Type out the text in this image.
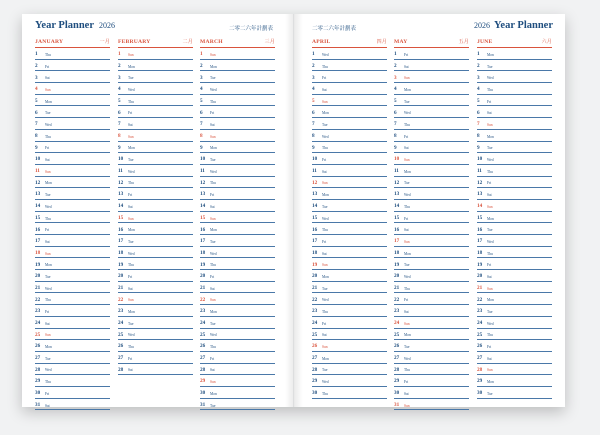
Year Planner 2026	二零二六年計劃表
JANUARY	一月
1 Thu
2 Fri
3 Sat
4 Sun
5 Mon
6 Tue
7 Wed
8 Thu
9 Fri
10 Sat
11 Sun
12 Mon
13 Tue
14 Wed
15 Thu
16 Fri
17 Sat
18 Sun
19 Mon
20 Tue
21 Wed
22 Thu
23 Fri
24 Sat
25 Sun
26 Mon
27 Tue
28 Wed
29 Thu
30 Fri
31 Sat
FEBRUARY	二月
1 Sun
2 Mon
3 Tue
4 Wed
5 Thu
6 Fri
7 Sat
8 Sun
9 Mon
10 Tue
11 Wed
12 Thu
13 Fri
14 Sat
15 Sun
16 Mon
17 Tue
18 Wed
19 Thu
20 Fri
21 Sat
22 Sun
23 Mon
24 Tue
25 Wed
26 Thu
27 Fri
28 Sat
MARCH	三月
1 Sun
2 Mon
3 Tue
4 Wed
5 Thu
6 Fri
7 Sat
8 Sun
9 Mon
10 Tue
11 Wed
12 Thu
13 Fri
14 Sat
15 Sun
16 Mon
17 Tue
18 Wed
19 Thu
20 Fri
21 Sat
22 Sun
23 Mon
24 Tue
25 Wed
26 Thu
27 Fri
28 Sat
29 Sun
30 Mon
31 Tue
二零二六年計劃表	2026 Year Planner
APRIL	四月
1 Wed
2 Thu
3 Fri
4 Sat
5 Sun
6 Mon
7 Tue
8 Wed
9 Thu
10 Fri
11 Sat
12 Sun
13 Mon
14 Tue
15 Wed
16 Thu
17 Fri
18 Sat
19 Sun
20 Mon
21 Tue
22 Wed
23 Thu
24 Fri
25 Sat
26 Sun
27 Mon
28 Tue
29 Wed
30 Thu
MAY	五月
1 Fri
2 Sat
3 Sun
4 Mon
5 Tue
6 Wed
7 Thu
8 Fri
9 Sat
10 Sun
11 Mon
12 Tue
13 Wed
14 Thu
15 Fri
16 Sat
17 Sun
18 Mon
19 Tue
20 Wed
21 Thu
22 Fri
23 Sat
24 Sun
25 Mon
26 Tue
27 Wed
28 Thu
29 Fri
30 Sat
31 Sun
JUNE	六月
1 Mon
2 Tue
3 Wed
4 Thu
5 Fri
6 Sat
7 Sun
8 Mon
9 Tue
10 Wed
11 Thu
12 Fri
13 Sat
14 Sun
15 Mon
16 Tue
17 Wed
18 Thu
19 Fri
20 Sat
21 Sun
22 Mon
23 Tue
24 Wed
25 Thu
26 Fri
27 Sat
28 Sun
29 Mon
30 Tue
